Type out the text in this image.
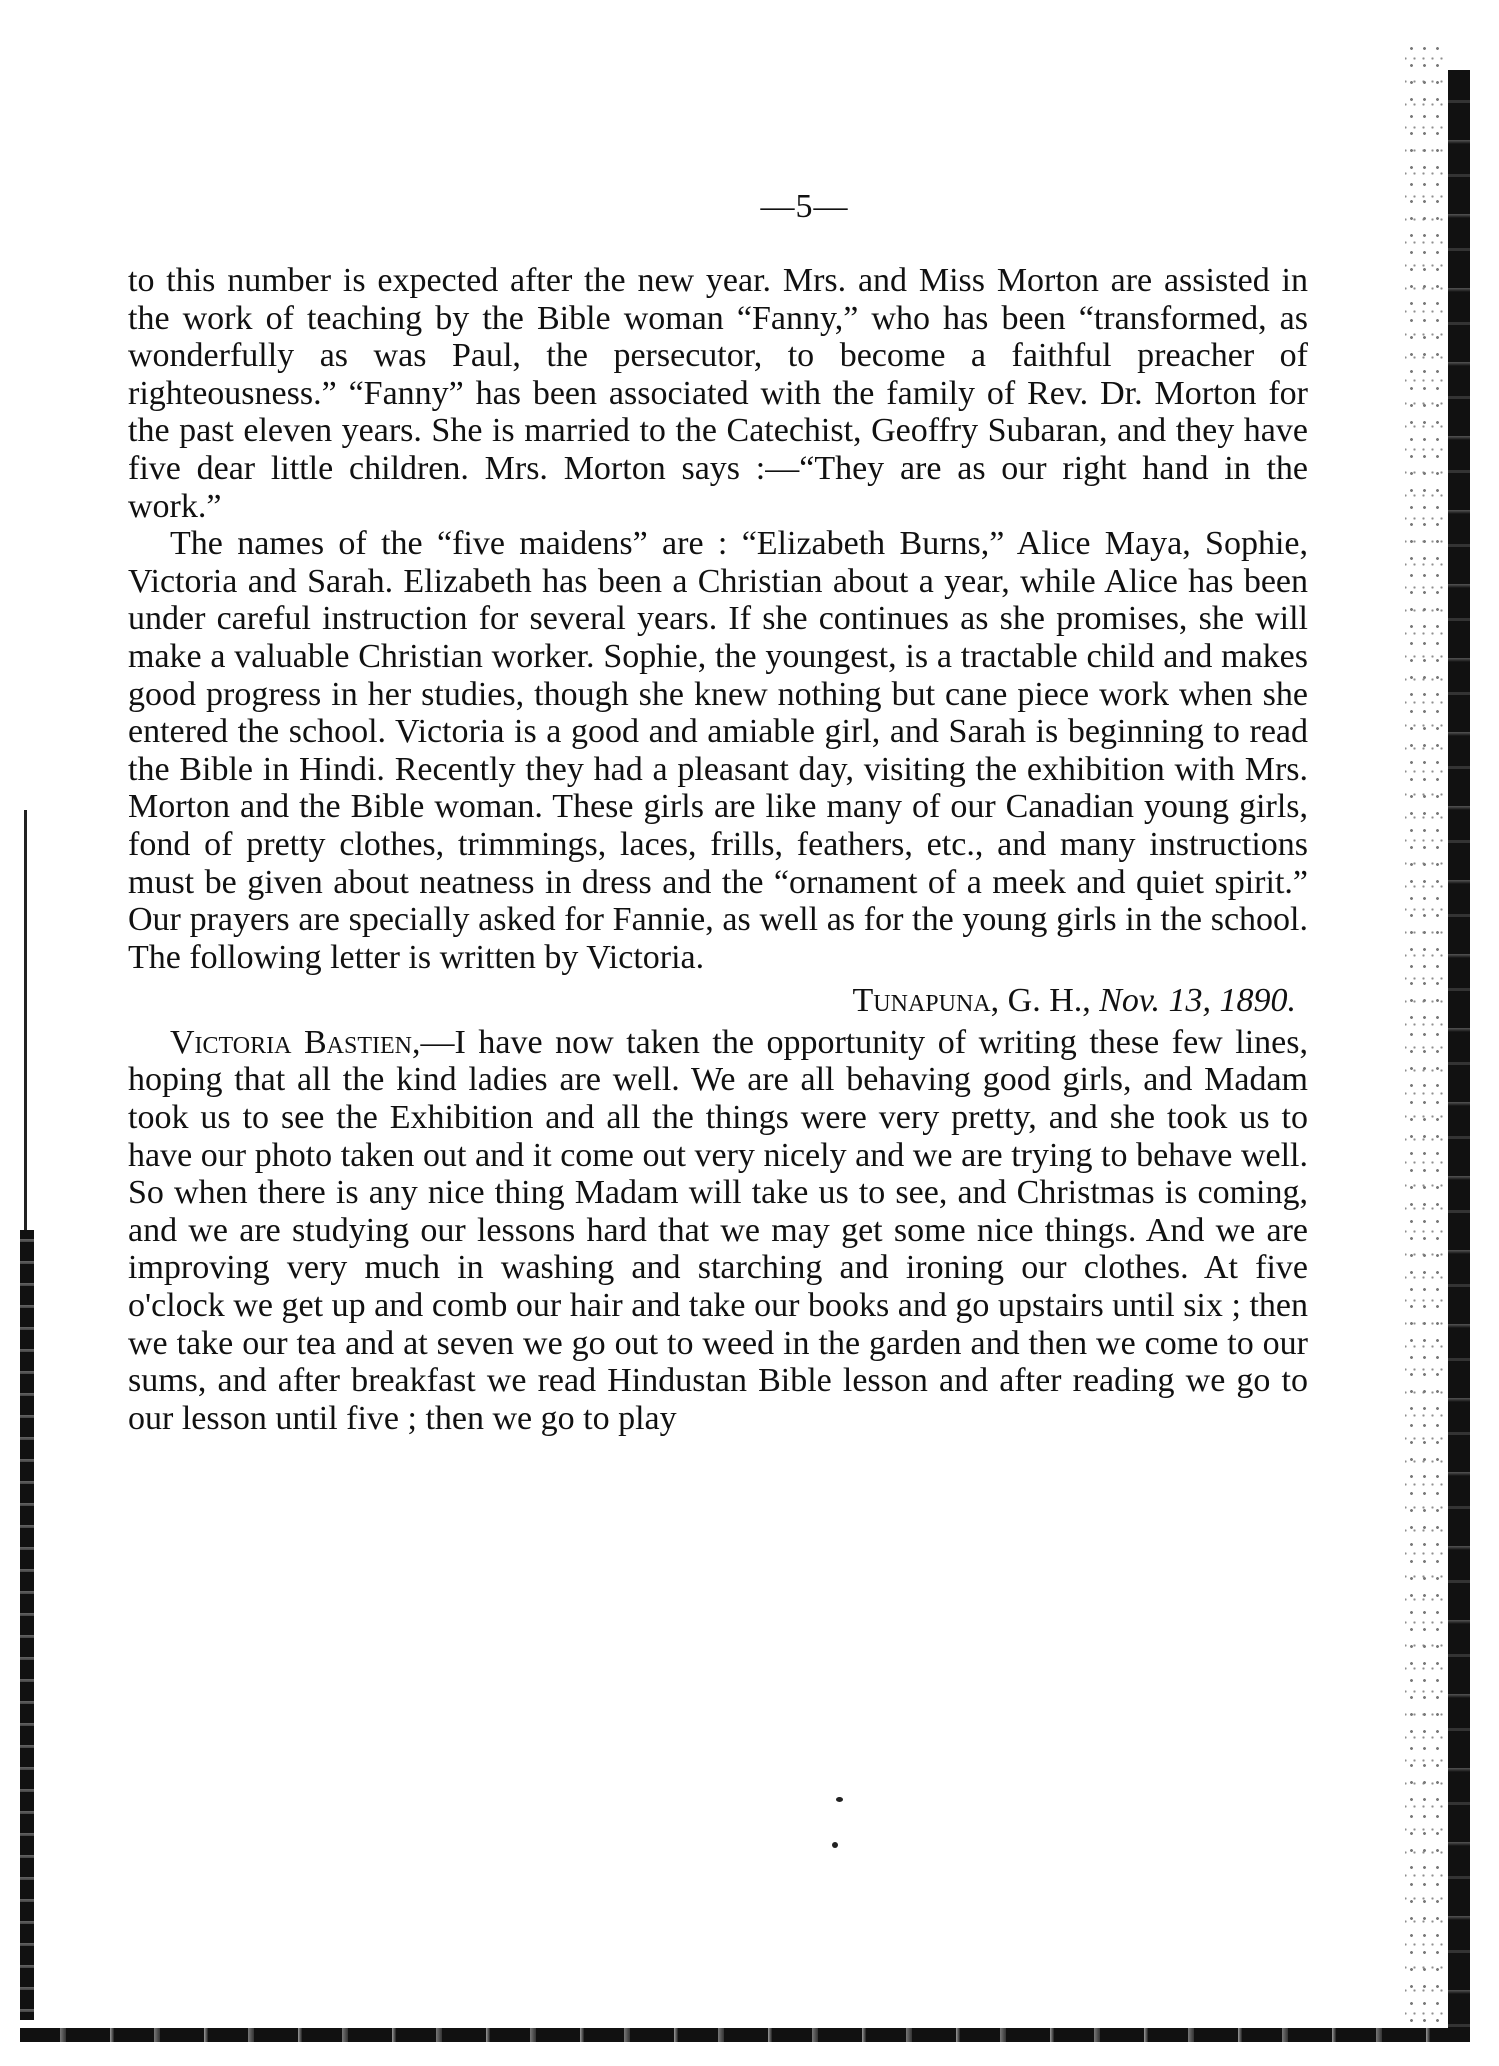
—5—

to this number is expected after the new year. Mrs. and Miss Morton are assisted in the work of teaching by the Bible woman “Fanny,” who has been “transformed, as wonderfully as was Paul, the persecutor, to become a faithful preacher of righteousness.” “Fanny” has been associated with the family of Rev. Dr. Morton for the past eleven years. She is married to the Catechist, Geoffry Subaran, and they have five dear little children. Mrs. Morton says :—“They are as our right hand in the work.”

The names of the “five maidens” are : “Elizabeth Burns,” Alice Maya, Sophie, Victoria and Sarah. Elizabeth has been a Christian about a year, while Alice has been under careful instruction for several years. If she continues as she promises, she will make a valuable Christian worker. Sophie, the youngest, is a tractable child and makes good progress in her studies, though she knew nothing but cane piece work when she entered the school. Victoria is a good and amiable girl, and Sarah is beginning to read the Bible in Hindi. Recently they had a pleasant day, visiting the exhibition with Mrs. Morton and the Bible woman. These girls are like many of our Canadian young girls, fond of pretty clothes, trimmings, laces, frills, feathers, etc., and many instructions must be given about neatness in dress and the “ornament of a meek and quiet spirit.” Our prayers are specially asked for Fannie, as well as for the young girls in the school. The following letter is written by Victoria.

Tunapuna, G. H., Nov. 13, 1890.

Victoria Bastien,—I have now taken the opportunity of writing these few lines, hoping that all the kind ladies are well. We are all behaving good girls, and Madam took us to see the Exhibition and all the things were very pretty, and she took us to have our photo taken out and it come out very nicely and we are trying to behave well. So when there is any nice thing Madam will take us to see, and Christmas is coming, and we are studying our lessons hard that we may get some nice things. And we are improving very much in washing and starching and ironing our clothes. At five o'clock we get up and comb our hair and take our books and go upstairs until six ; then we take our tea and at seven we go out to weed in the garden and then we come to our sums, and after breakfast we read Hindustan Bible lesson and after reading we go to our lesson until five ; then we go to play
